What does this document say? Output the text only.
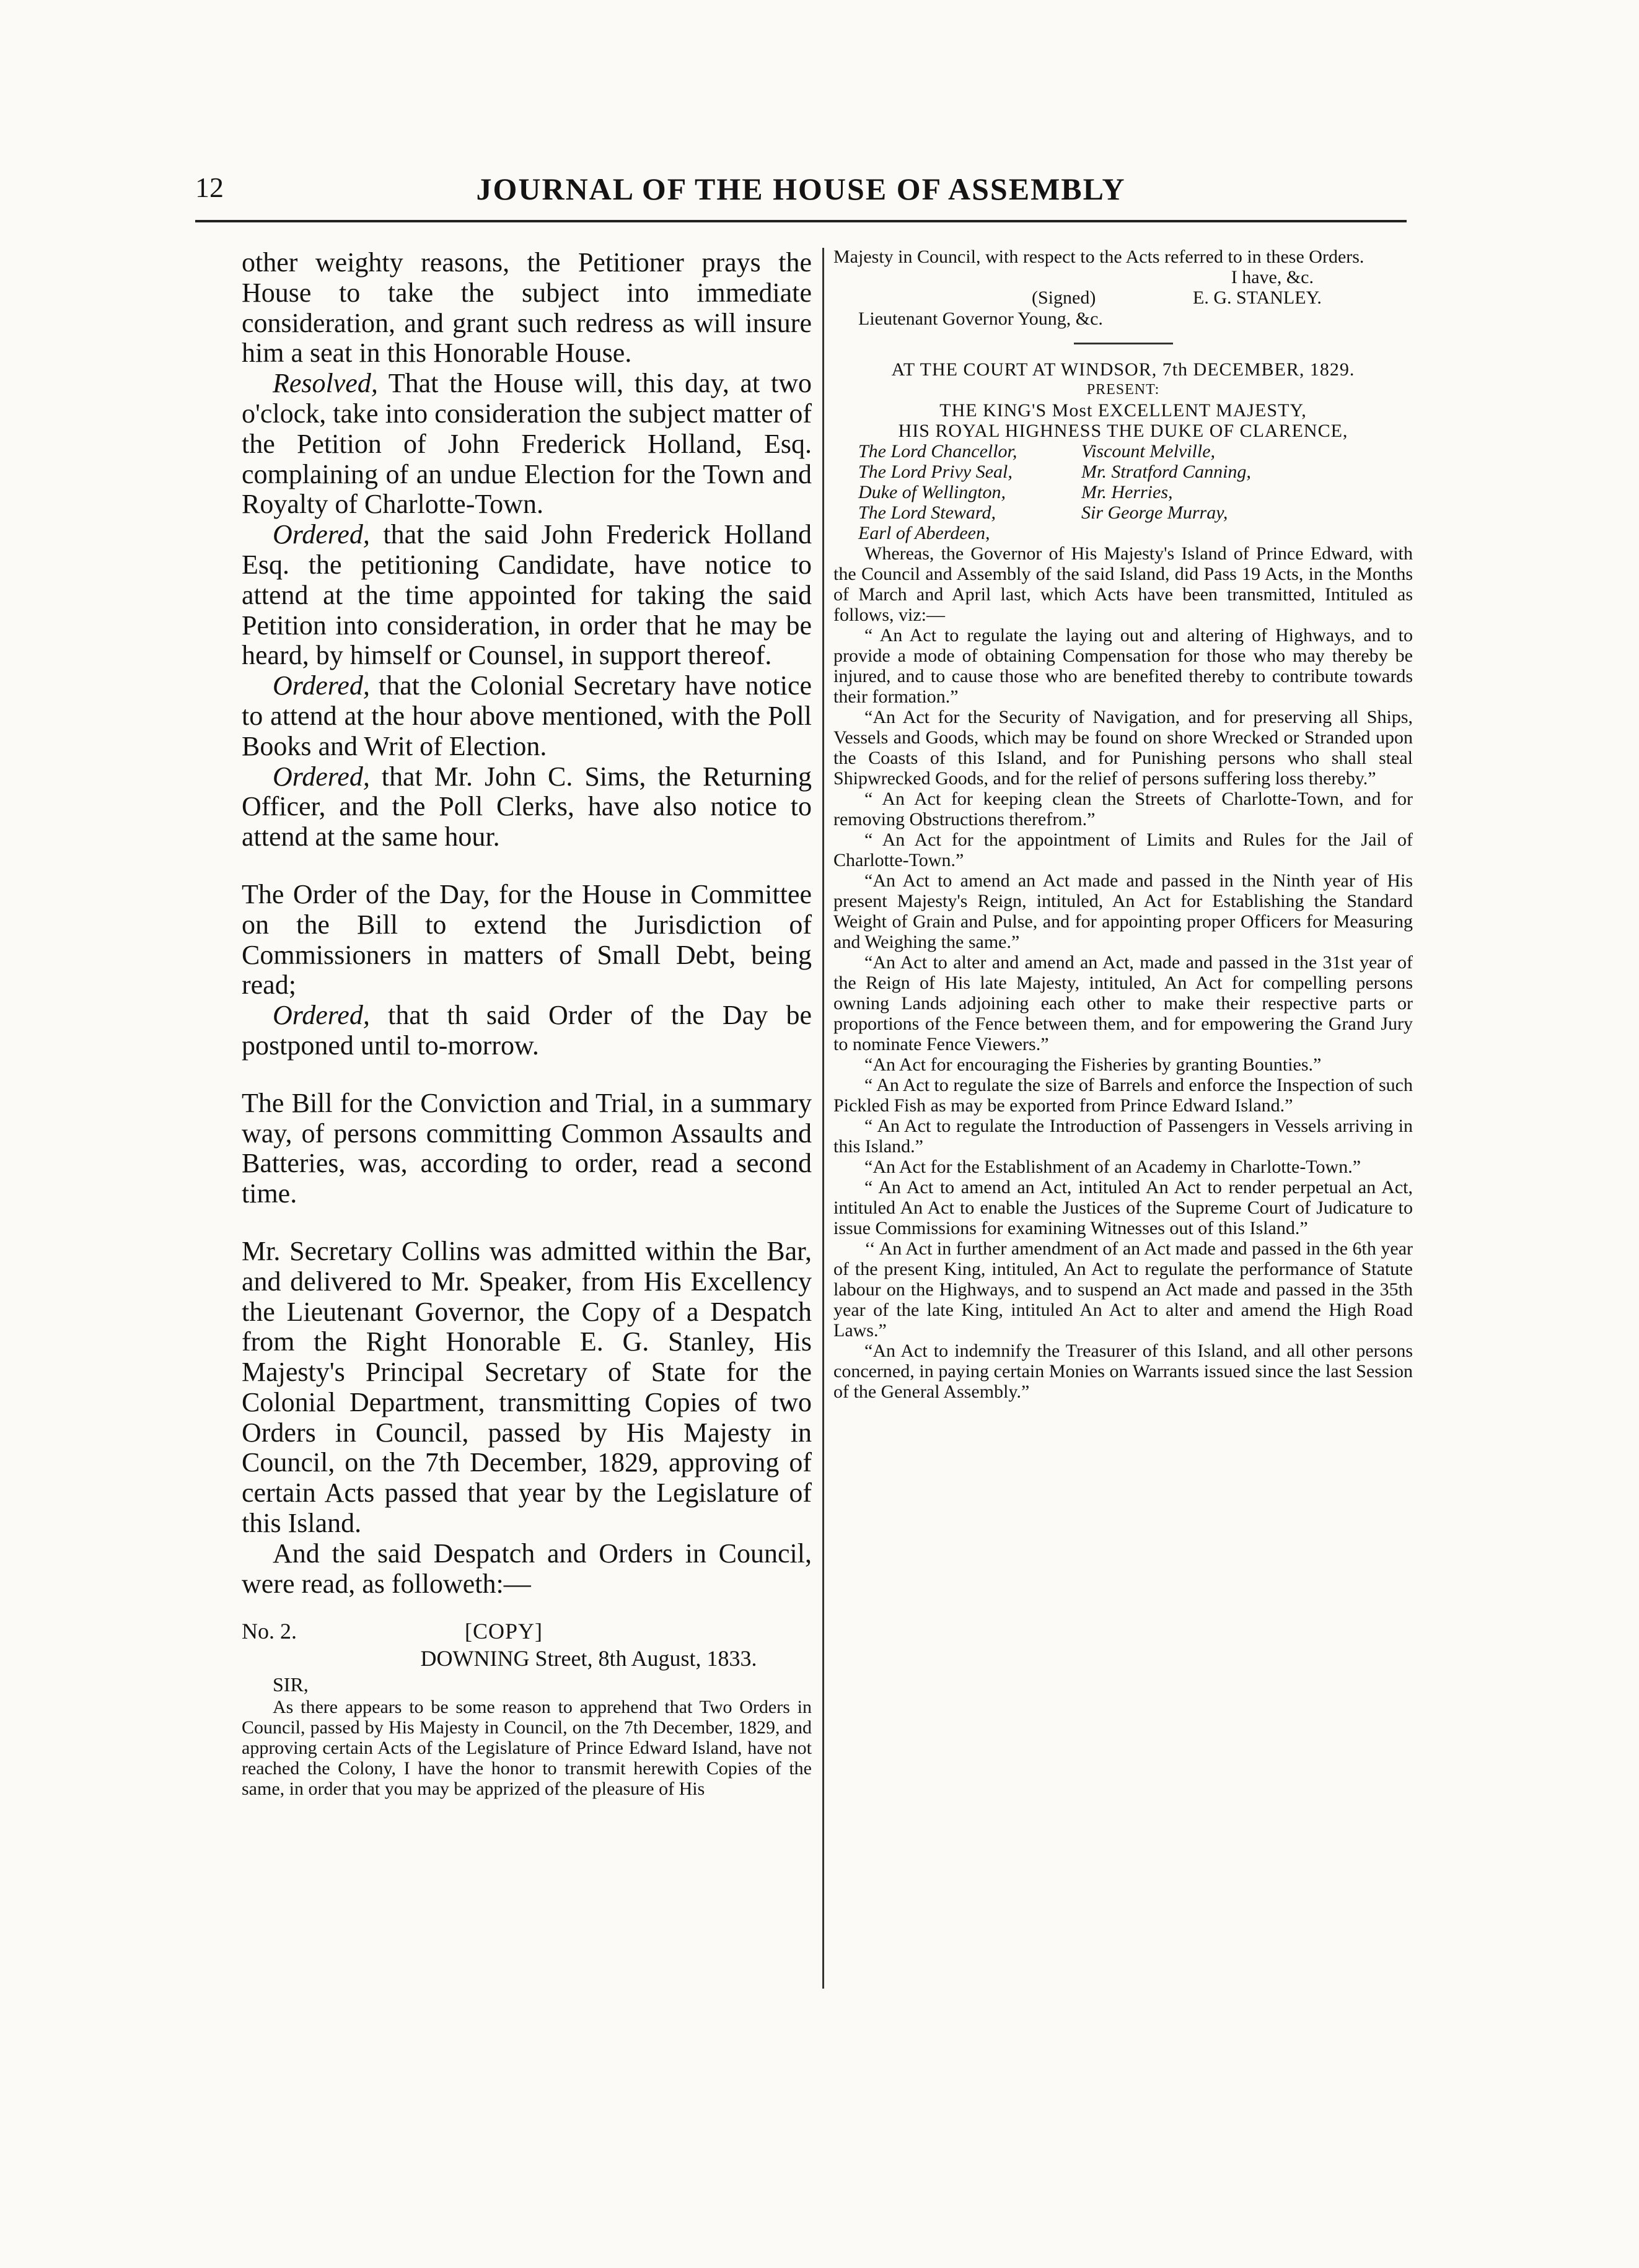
12	JOURNAL OF THE HOUSE OF ASSEMBLY

other weighty reasons, the Petitioner prays the House to take the subject into immediate consideration, and grant such redress as will insure him a seat in this Honorable House.

Resolved, That the House will, this day, at two o'clock, take into consideration the subject matter of the Petition of John Frederick Holland, Esq. complaining of an undue Election for the Town and Royalty of Charlotte-Town.

Ordered, that the said John Frederick Holland Esq. the petitioning Candidate, have notice to attend at the time appointed for taking the said Petition into consideration, in order that he may be heard, by himself or Counsel, in support thereof.

Ordered, that the Colonial Secretary have notice to attend at the hour above mentioned, with the Poll Books and Writ of Election.

Ordered, that Mr. John C. Sims, the Returning Officer, and the Poll Clerks, have also notice to attend at the same hour.

The Order of the Day, for the House in Committee on the Bill to extend the Jurisdiction of Commissioners in matters of Small Debt, being read;

Ordered, that th said Order of the Day be postponed until to-morrow.

The Bill for the Conviction and Trial, in a summary way, of persons committing Common Assaults and Batteries, was, according to order, read a second time.

Mr. Secretary Collins was admitted within the Bar, and delivered to Mr. Speaker, from His Excellency the Lieutenant Governor, the Copy of a Despatch from the Right Honorable E. G. Stanley, His Majesty's Principal Secretary of State for the Colonial Department, transmitting Copies of two Orders in Council, passed by His Majesty in Council, on the 7th December, 1829, approving of certain Acts passed that year by the Legislature of this Island.

And the said Despatch and Orders in Council, were read, as followeth:—

No. 2.	[COPY]
DOWNING Street, 8th August, 1833.
SIR,

As there appears to be some reason to apprehend that Two Orders in Council, passed by His Majesty in Council, on the 7th December, 1829, and approving certain Acts of the Legislature of Prince Edward Island, have not reached the Colony, I have the honor to transmit herewith Copies of the same, in order that you may be apprized of the pleasure of His

Majesty in Council, with respect to the Acts referred to in these Orders.

I have, &c.

(Signed)	E. G. STANLEY.

Lieutenant Governor Young, &c.

AT THE COURT AT WINDSOR, 7th DECEMBER, 1829.

PRESENT:

THE KING'S Most EXCELLENT MAJESTY,

HIS ROYAL HIGHNESS THE DUKE OF CLARENCE,

The Lord Chancellor,	Viscount Melville,
The Lord Privy Seal,	Mr. Stratford Canning,
Duke of Wellington,	Mr. Herries,
The Lord Steward,	Sir George Murray,
Earl of Aberdeen,

Whereas, the Governor of His Majesty's Island of Prince Edward, with the Council and Assembly of the said Island, did Pass 19 Acts, in the Months of March and April last, which Acts have been transmitted, Intituled as follows, viz:—

“ An Act to regulate the laying out and altering of Highways, and to provide a mode of obtaining Compensation for those who may thereby be injured, and to cause those who are benefited thereby to contribute towards their formation.”

“An Act for the Security of Navigation, and for preserving all Ships, Vessels and Goods, which may be found on shore Wrecked or Stranded upon the Coasts of this Island, and for Punishing persons who shall steal Shipwrecked Goods, and for the relief of persons suffering loss thereby.”

“ An Act for keeping clean the Streets of Charlotte-Town, and for removing Obstructions therefrom.”

“ An Act for the appointment of Limits and Rules for the Jail of Charlotte-Town.”

“An Act to amend an Act made and passed in the Ninth year of His present Majesty's Reign, intituled, An Act for Establishing the Standard Weight of Grain and Pulse, and for appointing proper Officers for Measuring and Weighing the same.”

“An Act to alter and amend an Act, made and passed in the 31st year of the Reign of His late Majesty, intituled, An Act for compelling persons owning Lands adjoining each other to make their respective parts or proportions of the Fence between them, and for empowering the Grand Jury to nominate Fence Viewers.”

“An Act for encouraging the Fisheries by granting Bounties.”

“ An Act to regulate the size of Barrels and enforce the Inspection of such Pickled Fish as may be exported from Prince Edward Island.”

“ An Act to regulate the Introduction of Passengers in Vessels arriving in this Island.”

“An Act for the Establishment of an Academy in Charlotte-Town.”

“ An Act to amend an Act, intituled An Act to render perpetual an Act, intituled An Act to enable the Justices of the Supreme Court of Judicature to issue Commissions for examining Witnesses out of this Island.”

‘‘ An Act in further amendment of an Act made and passed in the 6th year of the present King, intituled, An Act to regulate the performance of Statute labour on the Highways, and to suspend an Act made and passed in the 35th year of the late King, intituled An Act to alter and amend the High Road Laws.”

“An Act to indemnify the Treasurer of this Island, and all other persons concerned, in paying certain Monies on Warrants issued since the last Session of the General Assembly.”
